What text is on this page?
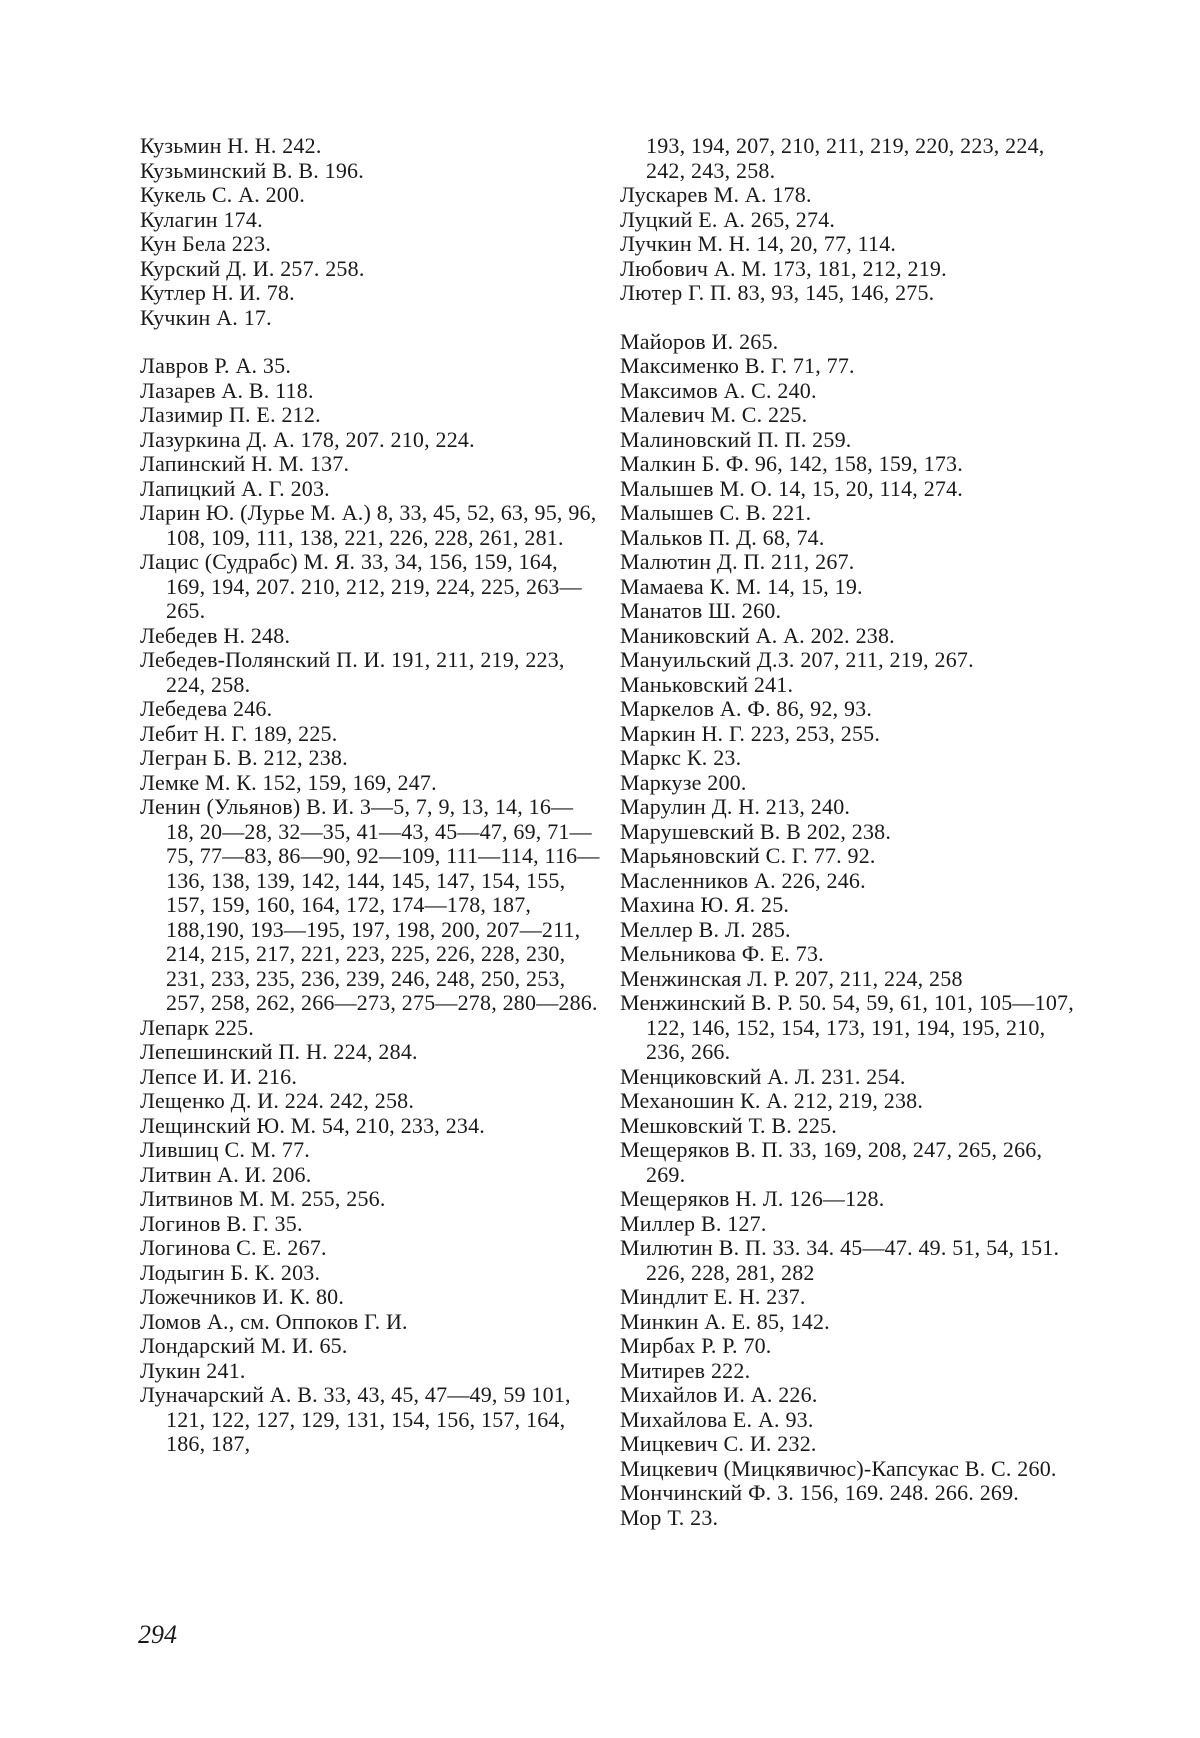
Кузьмин Н. Н. 242.
Кузьминский В. В. 196.
Кукель С. А. 200.
Кулагин 174.
Кун Бела 223.
Курский Д. И. 257. 258.
Кутлер Н. И. 78.
Кучкин А. 17.
Лавров Р. А. 35.
Лазарев А. В. 118.
Лазимир П. Е. 212.
Лазуркина Д. А. 178, 207. 210, 224.
Лапинский Н. М. 137.
Лапицкий А. Г. 203.
Ларин Ю. (Лурье М. А.) 8, 33, 45, 52, 63, 95, 96, 108, 109, 111, 138, 221, 226, 228, 261, 281.
Лацис (Судрабс) М. Я. 33, 34, 156, 159, 164, 169, 194, 207. 210, 212, 219, 224, 225, 263—265.
Лебедев Н. 248.
Лебедев-Полянский П. И. 191, 211, 219, 223, 224, 258.
Лебедева 246.
Лебит Н. Г. 189, 225.
Легран Б. В. 212, 238.
Лемке М. К. 152, 159, 169, 247.
Ленин (Ульянов) В. И. 3—5, 7, 9, 13, 14, 16—18, 20—28, 32—35, 41—43, 45—47, 69, 71—75, 77—83, 86—90, 92—109, 111—114, 116—136, 138, 139, 142, 144, 145, 147, 154, 155, 157, 159, 160, 164, 172, 174—178, 187, 188,190, 193—195, 197, 198, 200, 207—211, 214, 215, 217, 221, 223, 225, 226, 228, 230, 231, 233, 235, 236, 239, 246, 248, 250, 253, 257, 258, 262, 266—273, 275—278, 280—286.
Лепарк 225.
Лепешинский П. Н. 224, 284.
Лепсе И. И. 216.
Лещенко Д. И. 224. 242, 258.
Лещинский Ю. М. 54, 210, 233, 234.
Лившиц С. М. 77.
Литвин А. И. 206.
Литвинов М. М. 255, 256.
Логинов В. Г. 35.
Логинова С. Е. 267.
Лодыгин Б. К. 203.
Ложечников И. К. 80.
Ломов А., см. Оппоков Г. И.
Лондарский М. И. 65.
Лукин 241.
Луначарский А. В. 33, 43, 45, 47—49, 59 101, 121, 122, 127, 129, 131, 154, 156, 157, 164, 186, 187,
193, 194, 207, 210, 211, 219, 220, 223, 224, 242, 243, 258.
Лускарев М. А. 178.
Луцкий Е. А. 265, 274.
Лучкин М. Н. 14, 20, 77, 114.
Любович А. М. 173, 181, 212, 219.
Лютер Г. П. 83, 93, 145, 146, 275.
Майоров И. 265.
Максименко В. Г. 71, 77.
Максимов А. С. 240.
Малевич М. С. 225.
Малиновский П. П. 259.
Малкин Б. Ф. 96, 142, 158, 159, 173.
Малышев М. О. 14, 15, 20, 114, 274.
Малышев С. В. 221.
Мальков П. Д. 68, 74.
Малютин Д. П. 211, 267.
Мамаева К. М. 14, 15, 19.
Манатов Ш. 260.
Маниковский А. А. 202. 238.
Мануильский Д.З. 207, 211, 219, 267.
Маньковский 241.
Маркелов А. Ф. 86, 92, 93.
Маркин Н. Г. 223, 253, 255.
Маркс К. 23.
Маркузе 200.
Марулин Д. Н. 213, 240.
Марушевский В. В 202, 238.
Марьяновский С. Г. 77. 92.
Масленников А. 226, 246.
Махина Ю. Я. 25.
Меллер В. Л. 285.
Мельникова Ф. Е. 73.
Менжинская Л. Р. 207, 211, 224, 258
Менжинский В. Р. 50. 54, 59, 61, 101, 105—107, 122, 146, 152, 154, 173, 191, 194, 195, 210, 236, 266.
Менциковский А. Л. 231. 254.
Механошин К. А. 212, 219, 238.
Мешковский Т. В. 225.
Мещеряков В. П. 33, 169, 208, 247, 265, 266, 269.
Мещеряков Н. Л. 126—128.
Миллер В. 127.
Милютин В. П. 33. 34. 45—47. 49. 51, 54, 151. 226, 228, 281, 282
Миндлит Е. Н. 237.
Минкин А. Е. 85, 142.
Мирбах Р. Р. 70.
Митирев 222.
Михайлов И. А. 226.
Михайлова Е. А. 93.
Мицкевич С. И. 232.
Мицкевич (Мицкявичюс)-Капсукас В. С. 260.
Мончинский Ф. З. 156, 169. 248. 266. 269.
Мор Т. 23.
294
